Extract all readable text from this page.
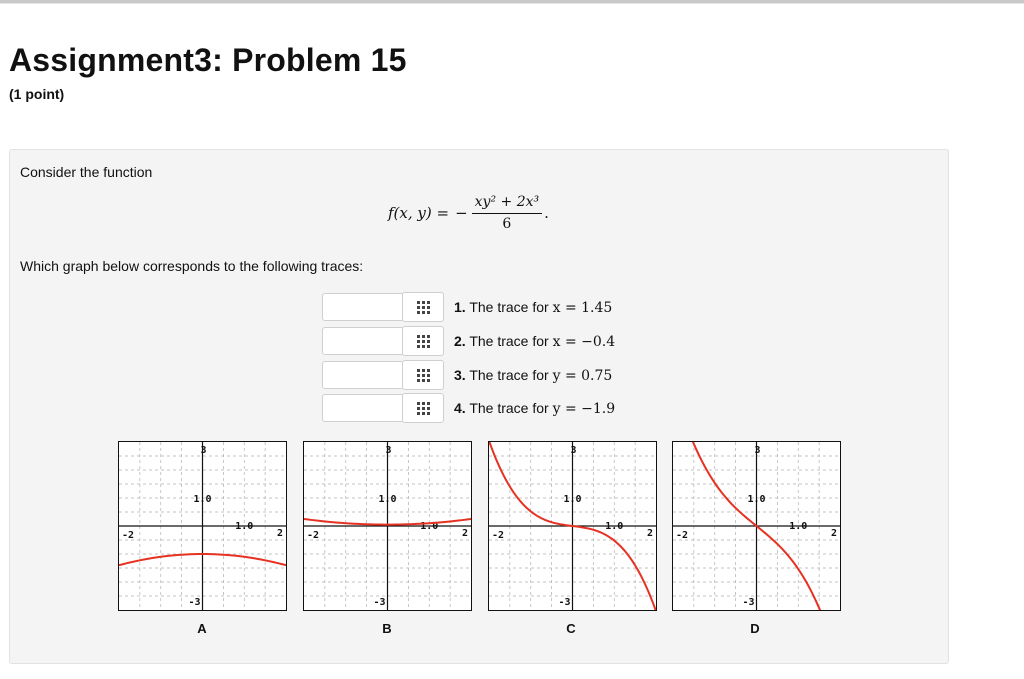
Assignment3: Problem 15
(1 point)
Consider the function
f(x, y) = − $\frac{\text{xy² + 2x³}}{6}$ .
Which graph below corresponds to the following traces:
1. The trace for x = 1.45
2. The trace for x = −0.4
3. The trace for y = 0.75
4. The trace for y = −1.9
3
1.0
-2
1.0
2
-3
3
1.0
-2
1.0
2
-3
3
1.0
-2
1.0
2
-3
3
1.0
-2
1.0
2
-3
A	B	C	D
